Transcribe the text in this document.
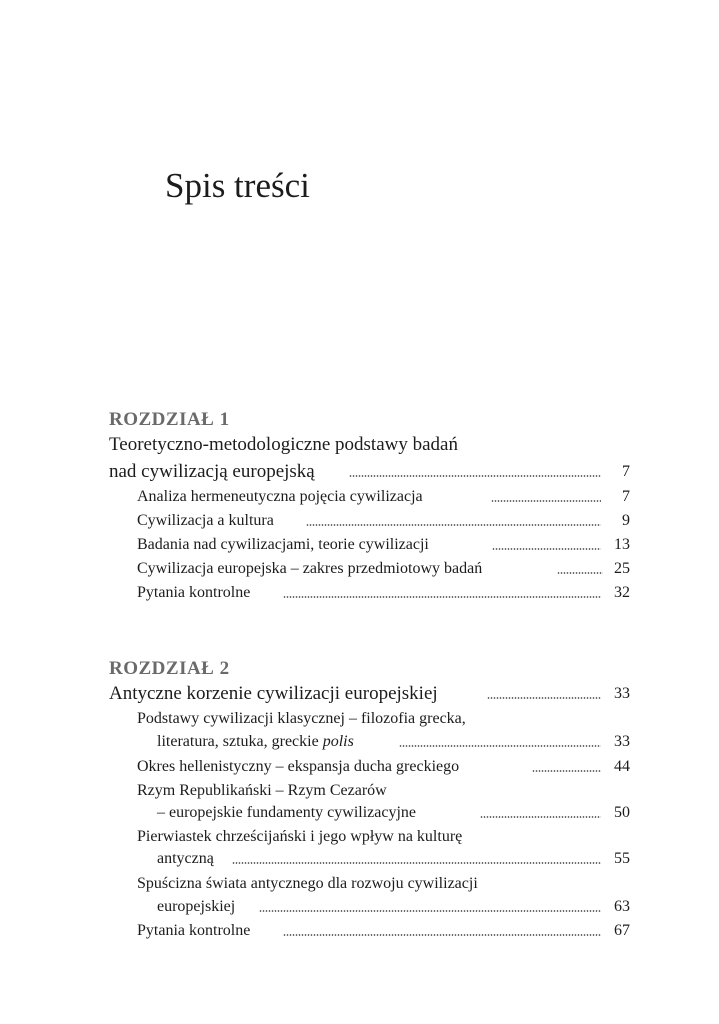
Spis treści
ROZDZIAŁ 1
Teoretyczno-metodologiczne podstawy badań
nad cywilizacją europejską	7
Analiza hermeneutyczna pojęcia cywilizacja	7
Cywilizacja a kultura	9
Badania nad cywilizacjami, teorie cywilizacji	13
Cywilizacja europejska – zakres przedmiotowy badań	25
Pytania kontrolne	32
ROZDZIAŁ 2
Antyczne korzenie cywilizacji europejskiej	33
Podstawy cywilizacji klasycznej – filozofia grecka,
literatura, sztuka, greckie polis	33
Okres hellenistyczny – ekspansja ducha greckiego	44
Rzym Republikański – Rzym Cezarów
– europejskie fundamenty cywilizacyjne	50
Pierwiastek chrześcijański i jego wpływ na kulturę
antyczną	55
Spuścizna świata antycznego dla rozwoju cywilizacji
europejskiej	63
Pytania kontrolne	67
